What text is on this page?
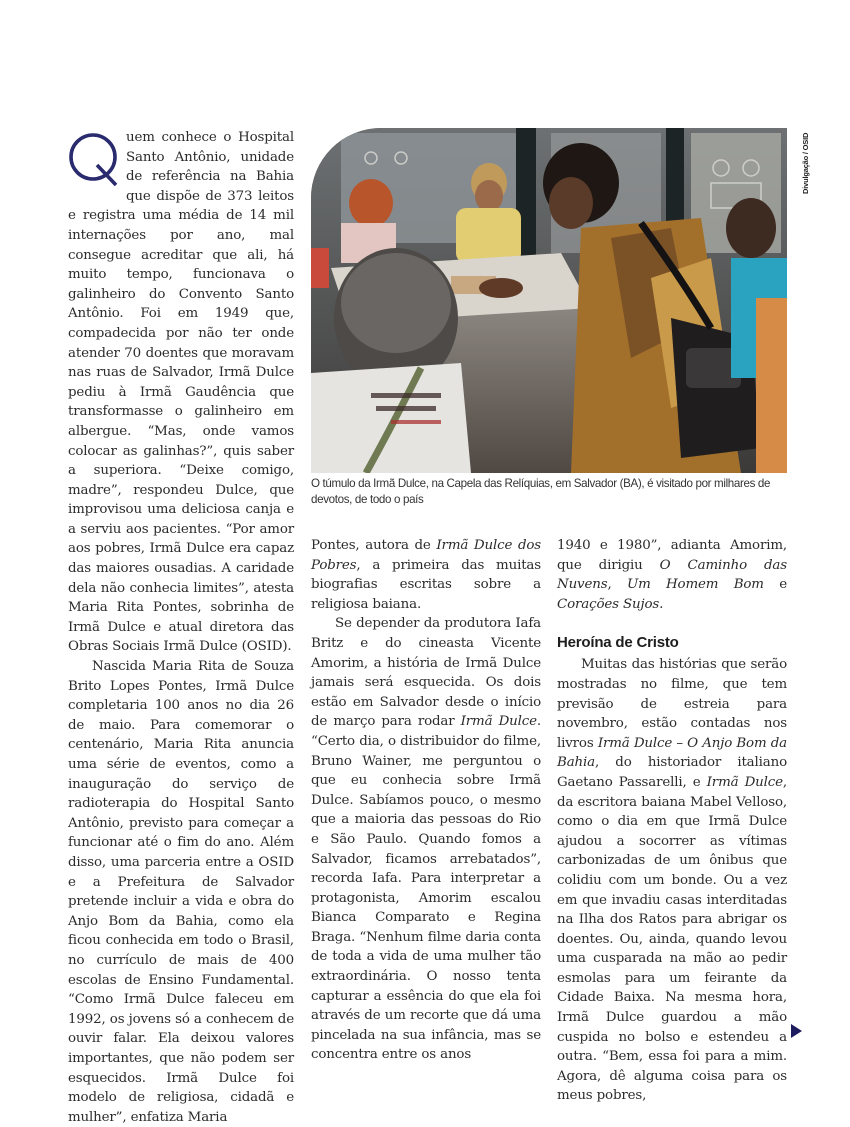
uem conhece o Hospital Santo Antônio, unidade de referência na Bahia que dispõe de 373 leitos e registra uma média de 14 mil internações por ano, mal consegue acreditar que ali, há muito tempo, funcionava o galinheiro do Convento Santo Antônio. Foi em 1949 que, compadecida por não ter onde atender 70 doentes que moravam nas ruas de Salvador, Irmã Dulce pediu à Irmã Gaudência que transformasse o galinheiro em albergue. “Mas, onde vamos colocar as galinhas?”, quis saber a superiora. “Deixe comigo, madre”, respondeu Dulce, que improvisou uma deliciosa canja e a serviu aos pacientes. “Por amor aos pobres, Irmã Dulce era capaz das maiores ousadias. A caridade dela não conhecia limites”, atesta Maria Rita Pontes, sobrinha de Irmã Dulce e atual diretora das Obras Sociais Irmã Dulce (OSID).

Nascida Maria Rita de Souza Brito Lopes Pontes, Irmã Dulce completaria 100 anos no dia 26 de maio. Para comemorar o centenário, Maria Rita anuncia uma série de eventos, como a inauguração do serviço de radioterapia do Hospital Santo Antônio, previsto para começar a funcionar até o fim do ano. Além disso, uma parceria entre a OSID e a Prefeitura de Salvador pretende incluir a vida e obra do Anjo Bom da Bahia, como ela ficou conhecida em todo o Brasil, no currículo de mais de 400 escolas de Ensino Fundamental. “Como Irmã Dulce faleceu em 1992, os jovens só a conhecem de ouvir falar. Ela deixou valores importantes, que não podem ser esquecidos. Irmã Dulce foi modelo de religiosa, cidadã e mulher”, enfatiza Maria

Divulgação / OSID
O túmulo da Irmã Dulce, na Capela das Relíquias, em Salvador (BA), é visitado por milhares de devotos, de todo o país

Pontes, autora de Irmã Dulce dos Pobres, a primeira das muitas biografias escritas sobre a religiosa baiana.

Se depender da produtora Iafa Britz e do cineasta Vicente Amorim, a história de Irmã Dulce jamais será esquecida. Os dois estão em Salvador desde o início de março para rodar Irmã Dulce. “Certo dia, o distribuidor do filme, Bruno Wainer, me perguntou o que eu conhecia sobre Irmã Dulce. Sabíamos pouco, o mesmo que a maioria das pessoas do Rio e São Paulo. Quando fomos a Salvador, ficamos arrebatados”, recorda Iafa. Para interpretar a protagonista, Amorim escalou Bianca Comparato e Regina Braga. “Nenhum filme daria conta de toda a vida de uma mulher tão extraordinária. O nosso tenta capturar a essência do que ela foi através de um recorte que dá uma pincelada na sua infância, mas se concentra entre os anos

1940 e 1980”, adianta Amorim, que dirigiu O Caminho das Nuvens, Um Homem Bom e Corações Sujos.

Heroína de Cristo

Muitas das histórias que serão mostradas no filme, que tem previsão de estreia para novembro, estão contadas nos livros Irmã Dulce – O Anjo Bom da Bahia, do historiador italiano Gaetano Passarelli, e Irmã Dulce, da escritora baiana Mabel Velloso, como o dia em que Irmã Dulce ajudou a socorrer as vítimas carbonizadas de um ônibus que colidiu com um bonde. Ou a vez em que invadiu casas interditadas na Ilha dos Ratos para abrigar os doentes. Ou, ainda, quando levou uma cusparada na mão ao pedir esmolas para um feirante da Cidade Baixa. Na mesma hora, Irmã Dulce guardou a mão cuspida no bolso e estendeu a outra. “Bem, essa foi para a mim. Agora, dê alguma coisa para os meus pobres,
